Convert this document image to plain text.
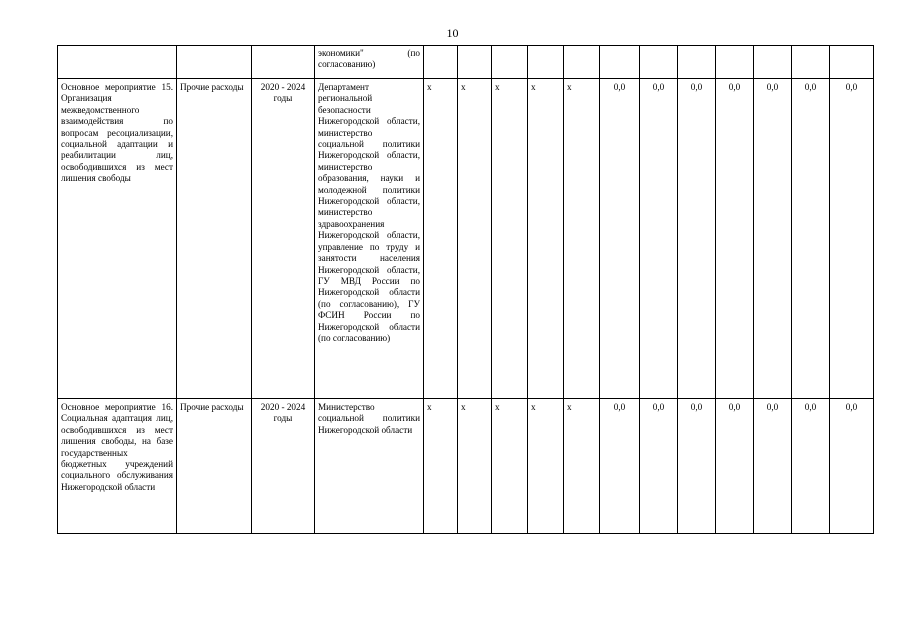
10
			экономики" (по согласованию)												
Основное мероприятие 15. Организация межведомственного взаимодействия по вопросам ресоциализации, социальной адаптации и реабилитации лиц, освободившихся из мест лишения свободы	Прочие расходы	2020 - 2024 годы	Департамент региональной безопасности Нижегородской области, министерство социальной политики Нижегородской области, министерство образования, науки и молодежной политики Нижегородской области, министерство здравоохранения Нижегородской области, управление по труду и занятости населения Нижегородской области, ГУ МВД России по Нижегородской области (по согласованию), ГУ ФСИН России по Нижегородской области (по согласованию)	x	x	x	x	x	0,0	0,0	0,0	0,0	0,0	0,0	0,0
Основное мероприятие 16. Социальная адаптация лиц, освободившихся из мест лишения свободы, на базе государственных бюджетных учреждений социального обслуживания Нижегородской области	Прочие расходы	2020 - 2024 годы	Министерство социальной политики Нижегородской области	x	x	x	x	x	0,0	0,0	0,0	0,0	0,0	0,0	0,0
